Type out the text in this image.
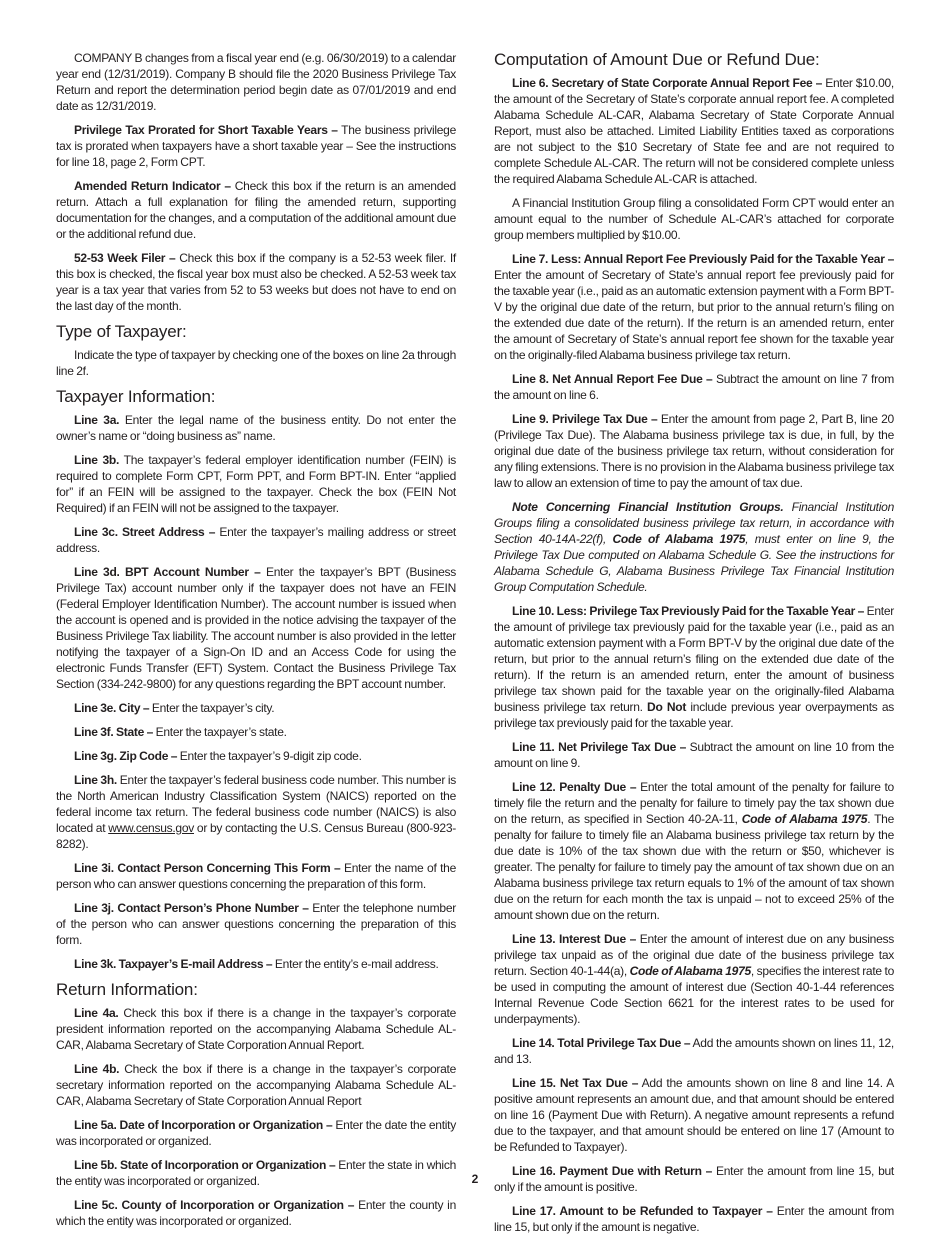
COMPANY B changes from a fiscal year end (e.g. 06/30/2019) to a calendar year end (12/31/2019). Company B should file the 2020 Business Privilege Tax Return and report the determination period begin date as 07/01/2019 and end date as 12/31/2019.

Privilege Tax Prorated for Short Taxable Years – The business privilege tax is prorated when taxpayers have a short taxable year – See the instructions for line 18, page 2, Form CPT.

Amended Return Indicator – Check this box if the return is an amended return. Attach a full explanation for filing the amended return, supporting documentation for the changes, and a computation of the additional amount due or the additional refund due.

52-53 Week Filer – Check this box if the company is a 52-53 week filer. If this box is checked, the fiscal year box must also be checked. A 52-53 week tax year is a tax year that varies from 52 to 53 weeks but does not have to end on the last day of the month.

Type of Taxpayer:

Indicate the type of taxpayer by checking one of the boxes on line 2a through line 2f.

Taxpayer Information:

Line 3a. Enter the legal name of the business entity. Do not enter the owner’s name or “doing business as” name.

Line 3b. The taxpayer’s federal employer identification number (FEIN) is required to complete Form CPT, Form PPT, and Form BPT-IN. Enter “applied for” if an FEIN will be assigned to the taxpayer. Check the box (FEIN Not Required) if an FEIN will not be assigned to the taxpayer.

Line 3c. Street Address – Enter the taxpayer’s mailing address or street address.

Line 3d. BPT Account Number – Enter the taxpayer’s BPT (Business Privilege Tax) account number only if the taxpayer does not have an FEIN (Federal Employer Identification Number). The account number is issued when the account is opened and is provided in the notice advising the taxpayer of the Business Privilege Tax liability. The account number is also provided in the letter notifying the taxpayer of a Sign-On ID and an Access Code for using the electronic Funds Transfer (EFT) System. Contact the Business Privilege Tax Section (334-242-9800) for any questions regarding the BPT account number.

Line 3e. City – Enter the taxpayer’s city.

Line 3f. State – Enter the taxpayer’s state.

Line 3g. Zip Code – Enter the taxpayer’s 9-digit zip code.

Line 3h. Enter the taxpayer’s federal business code number. This number is the North American Industry Classification System (NAICS) reported on the federal income tax return. The federal business code number (NAICS) is also located at www.census.gov or by contacting the U.S. Census Bureau (800-923-8282).

Line 3i. Contact Person Concerning This Form – Enter the name of the person who can answer questions concerning the preparation of this form.

Line 3j. Contact Person’s Phone Number – Enter the telephone number of the person who can answer questions concerning the preparation of this form.

Line 3k. Taxpayer’s E-mail Address – Enter the entity’s e-mail address.

Return Information:

Line 4a. Check this box if there is a change in the taxpayer’s corporate president information reported on the accompanying Alabama Schedule AL-CAR, Alabama Secretary of State Corporation Annual Report.

Line 4b. Check the box if there is a change in the taxpayer’s corporate secretary information reported on the accompanying Alabama Schedule AL-CAR, Alabama Secretary of State Corporation Annual Report

Line 5a. Date of Incorporation or Organization – Enter the date the entity was incorporated or organized.

Line 5b. State of Incorporation or Organization – Enter the state in which the entity was incorporated or organized.

Line 5c. County of Incorporation or Organization – Enter the county in which the entity was incorporated or organized.

Computation of Amount Due or Refund Due:

Line 6. Secretary of State Corporate Annual Report Fee – Enter $10.00, the amount of the Secretary of State’s corporate annual report fee. A completed Alabama Schedule AL-CAR, Alabama Secretary of State Corporate Annual Report, must also be attached. Limited Liability Entities taxed as corporations are not subject to the $10 Secretary of State fee and are not required to complete Schedule AL-CAR. The return will not be considered complete unless the required Alabama Schedule AL-CAR is attached.

A Financial Institution Group filing a consolidated Form CPT would enter an amount equal to the number of Schedule AL-CAR’s attached for corporate group members multiplied by $10.00.

Line 7. Less: Annual Report Fee Previously Paid for the Taxable Year – Enter the amount of Secretary of State’s annual report fee previously paid for the taxable year (i.e., paid as an automatic extension payment with a Form BPT-V by the original due date of the return, but prior to the annual return’s filing on the extended due date of the return). If the return is an amended return, enter the amount of Secretary of State’s annual report fee shown for the taxable year on the originally-filed Alabama business privilege tax return.

Line 8. Net Annual Report Fee Due – Subtract the amount on line 7 from the amount on line 6.

Line 9. Privilege Tax Due – Enter the amount from page 2, Part B, line 20 (Privilege Tax Due). The Alabama business privilege tax is due, in full, by the original due date of the business privilege tax return, without consideration for any filing extensions. There is no provision in the Alabama business privilege tax law to allow an extension of time to pay the amount of tax due.

Note Concerning Financial Institution Groups. Financial Institution Groups filing a consolidated business privilege tax return, in accordance with Section 40-14A-22(f), Code of Alabama 1975, must enter on line 9, the Privilege Tax Due computed on Alabama Schedule G. See the instructions for Alabama Schedule G, Alabama Business Privilege Tax Financial Institution Group Computation Schedule.

Line 10. Less: Privilege Tax Previously Paid for the Taxable Year – Enter the amount of privilege tax previously paid for the taxable year (i.e., paid as an automatic extension payment with a Form BPT-V by the original due date of the return, but prior to the annual return’s filing on the extended due date of the return). If the return is an amended return, enter the amount of business privilege tax shown paid for the taxable year on the originally-filed Alabama business privilege tax return. Do Not include previous year overpayments as privilege tax previously paid for the taxable year.

Line 11. Net Privilege Tax Due – Subtract the amount on line 10 from the amount on line 9.

Line 12. Penalty Due – Enter the total amount of the penalty for failure to timely file the return and the penalty for failure to timely pay the tax shown due on the return, as specified in Section 40-2A-11, Code of Alabama 1975. The penalty for failure to timely file an Alabama business privilege tax return by the due date is 10% of the tax shown due with the return or $50, whichever is greater. The penalty for failure to timely pay the amount of tax shown due on an Alabama business privilege tax return equals to 1% of the amount of tax shown due on the return for each month the tax is unpaid – not to exceed 25% of the amount shown due on the return.

Line 13. Interest Due – Enter the amount of interest due on any business privilege tax unpaid as of the original due date of the business privilege tax return. Section 40-1-44(a), Code of Alabama 1975, specifies the interest rate to be used in computing the amount of interest due (Section 40-1-44 references Internal Revenue Code Section 6621 for the interest rates to be used for underpayments).

Line 14. Total Privilege Tax Due – Add the amounts shown on lines 11, 12, and 13.

Line 15. Net Tax Due – Add the amounts shown on line 8 and line 14. A positive amount represents an amount due, and that amount should be entered on line 16 (Payment Due with Return). A negative amount represents a refund due to the taxpayer, and that amount should be entered on line 17 (Amount to be Refunded to Taxpayer).

Line 16. Payment Due with Return – Enter the amount from line 15, but only if the amount is positive.

Line 17. Amount to be Refunded to Taxpayer – Enter the amount from line 15, but only if the amount is negative.

2
